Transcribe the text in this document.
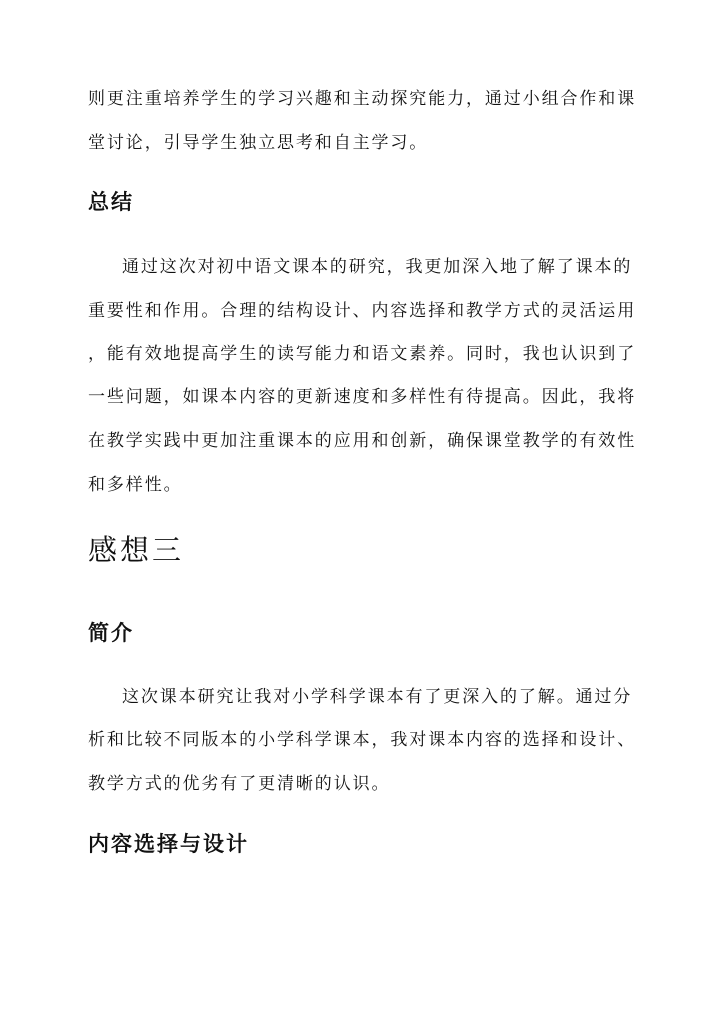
则更注重培养学生的学习兴趣和主动探究能力，通过小组合作和课
堂讨论，引导学生独立思考和自主学习。
总结
通过这次对初中语文课本的研究，我更加深入地了解了课本的
重要性和作用。合理的结构设计、内容选择和教学方式的灵活运用
，能有效地提高学生的读写能力和语文素养。同时，我也认识到了
一些问题，如课本内容的更新速度和多样性有待提高。因此，我将
在教学实践中更加注重课本的应用和创新，确保课堂教学的有效性
和多样性。
感想三
简介
这次课本研究让我对小学科学课本有了更深入的了解。通过分
析和比较不同版本的小学科学课本，我对课本内容的选择和设计、
教学方式的优劣有了更清晰的认识。
内容选择与设计
